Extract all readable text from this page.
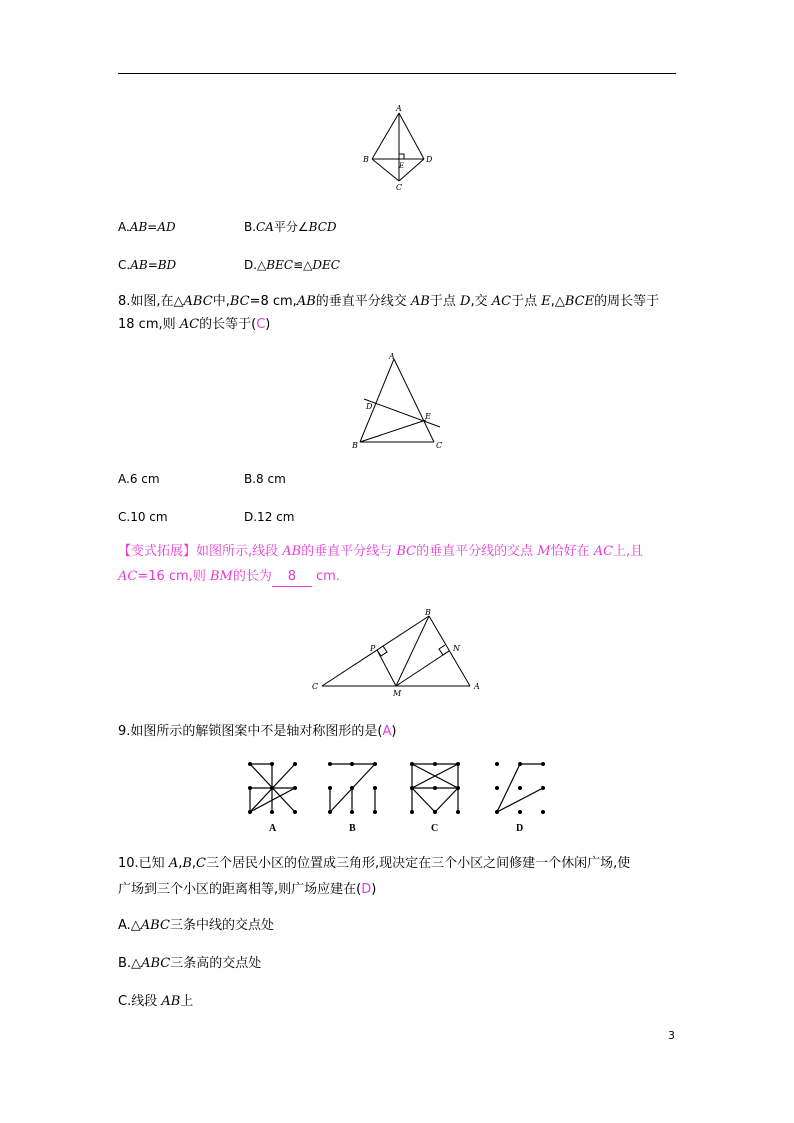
A
B	D
E
C
A.AB=AD	B.CA平分∠BCD
C.AB=BD	D.△BEC≌△DEC
8.如图,在△ABC中,BC=8 cm,AB的垂直平分线交 AB于点 D,交 AC于点 E,△BCE的周长等于
18 cm,则 AC的长等于(C)
A
D
E
B	C
A.6 cm	B.8 cm
C.10 cm	D.12 cm
【变式拓展】如图所示,线段 AB的垂直平分线与 BC的垂直平分线的交点 M恰好在 AC上,且
AC=16 cm,则 BM的长为 8 cm.
B
P	N
C
M
A
9.如图所示的解锁图案中不是轴对称图形的是(A)
A	B	C	D
10.已知 A,B,C三个居民小区的位置成三角形,现决定在三个小区之间修建一个休闲广场,使
广场到三个小区的距离相等,则广场应建在(D)
A.△ABC三条中线的交点处
B.△ABC三条高的交点处
C.线段 AB上
3
